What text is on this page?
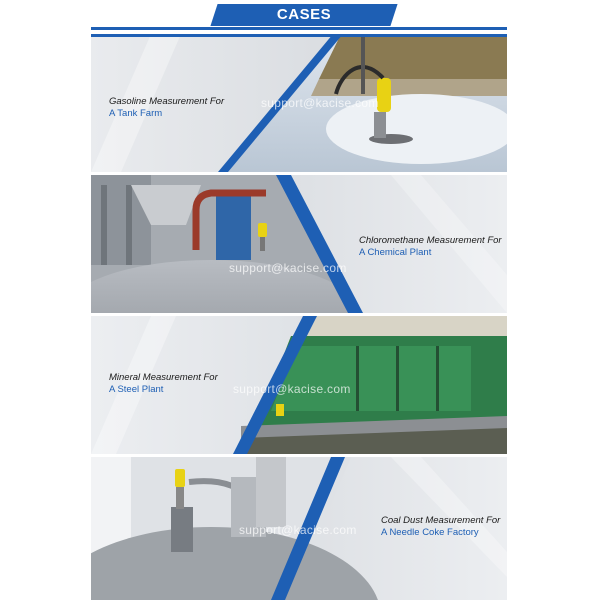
CASES
Gasoline Measurement For
A Tank Farm
support@kacise.com
Chloromethane Measurement For
A Chemical Plant
support@kacise.com
Mineral Measurement For
A Steel Plant	support@kacise.com
Coal Dust Measurement For
A Needle Coke Factory
support@kacise.com
